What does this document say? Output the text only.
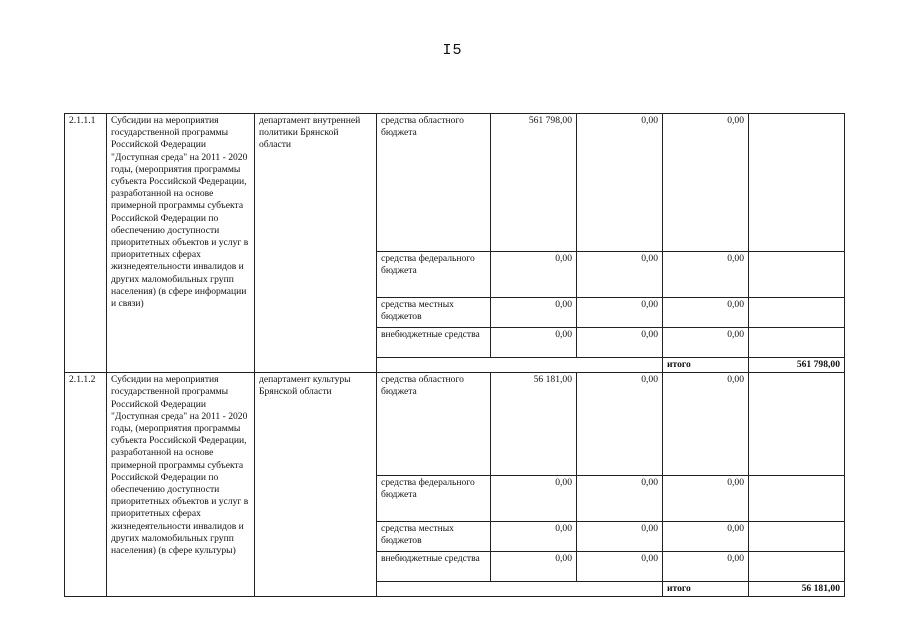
I5
2.1.1.1	Субсидии на мероприятия государственной программы Российской Федерации "Доступная среда" на 2011 - 2020 годы, (мероприятия программы субъекта Российской Федерации, разработанной на основе примерной программы субъекта Российской Федерации по обеспечению доступности приоритетных объектов и услуг в приоритетных сферах жизнедеятельности инвалидов и других маломобильных групп населения) (в сфере информации и связи)	департамент внутренней политики Брянской области	средства областного бюджета	561 798,00	0,00	0,00		
			средства федерального бюджета	0,00	0,00	0,00		
			средства местных бюджетов	0,00	0,00	0,00		
			внебюджетные средства	0,00	0,00	0,00		
						итого	561 798,00			
2.1.1.2	Субсидии на мероприятия государственной программы Российской Федерации "Доступная среда" на 2011 - 2020 годы, (мероприятия программы субъекта Российской Федерации, разработанной на основе примерной программы субъекта Российской Федерации по обеспечению доступности приоритетных объектов и услуг в приоритетных сферах жизнедеятельности инвалидов и других маломобильных групп населения) (в сфере культуры)	департамент культуры Брянской области	средства областного бюджета	56 181,00	0,00	0,00		
			средства федерального бюджета	0,00	0,00	0,00		
			средства местных бюджетов	0,00	0,00	0,00		
			внебюджетные средства	0,00	0,00	0,00		
						итого	56 181,00			
